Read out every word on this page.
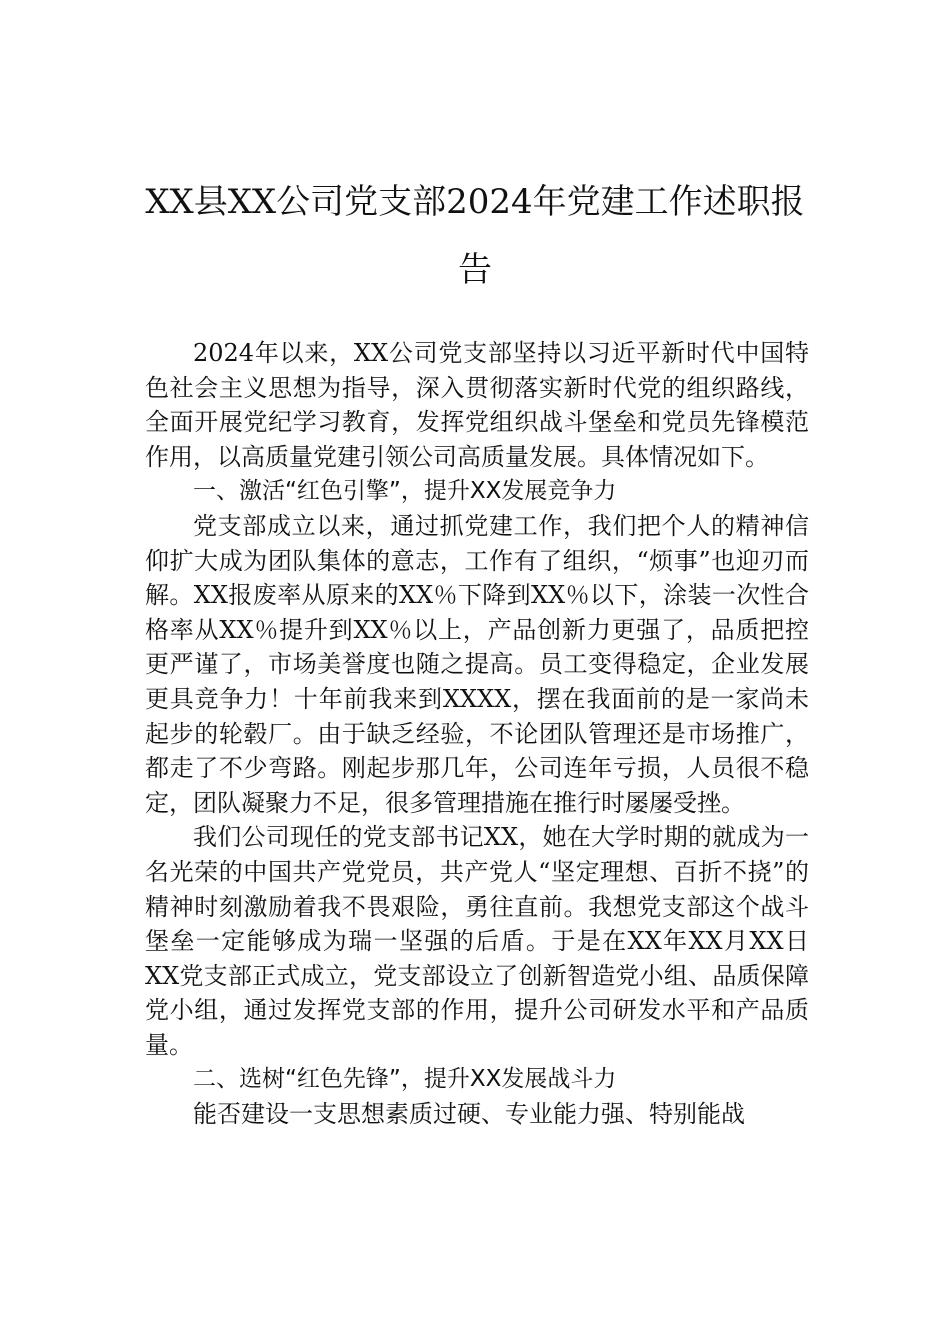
XX县XX公司党支部2024年党建工作述职报告

2024年以来，XX公司党支部坚持以习近平新时代中国特色社会主义思想为指导，深入贯彻落实新时代党的组织路线，全面开展党纪学习教育，发挥党组织战斗堡垒和党员先锋模范作用，以高质量党建引领公司高质量发展。具体情况如下。

一、激活“红色引擎”，提升XX发展竞争力

党支部成立以来，通过抓党建工作，我们把个人的精神信仰扩大成为团队集体的意志，工作有了组织，“烦事”也迎刃而解。XX报废率从原来的XX％下降到XX％以下，涂装一次性合格率从XX％提升到XX％以上，产品创新力更强了，品质把控更严谨了，市场美誉度也随之提高。员工变得稳定，企业发展更具竞争力！十年前我来到XXXX，摆在我面前的是一家尚未起步的轮毂厂。由于缺乏经验，不论团队管理还是市场推广，都走了不少弯路。刚起步那几年，公司连年亏损，人员很不稳定，团队凝聚力不足，很多管理措施在推行时屡屡受挫。

我们公司现任的党支部书记XX，她在大学时期的就成为一名光荣的中国共产党党员，共产党人“坚定理想、百折不挠”的精神时刻激励着我不畏艰险，勇往直前。我想党支部这个战斗堡垒一定能够成为瑞一坚强的后盾。于是在XX年XX月XX日XX党支部正式成立，党支部设立了创新智造党小组、品质保障党小组，通过发挥党支部的作用，提升公司研发水平和产品质量。

二、选树“红色先锋”，提升XX发展战斗力

能否建设一支思想素质过硬、专业能力强、特别能战
